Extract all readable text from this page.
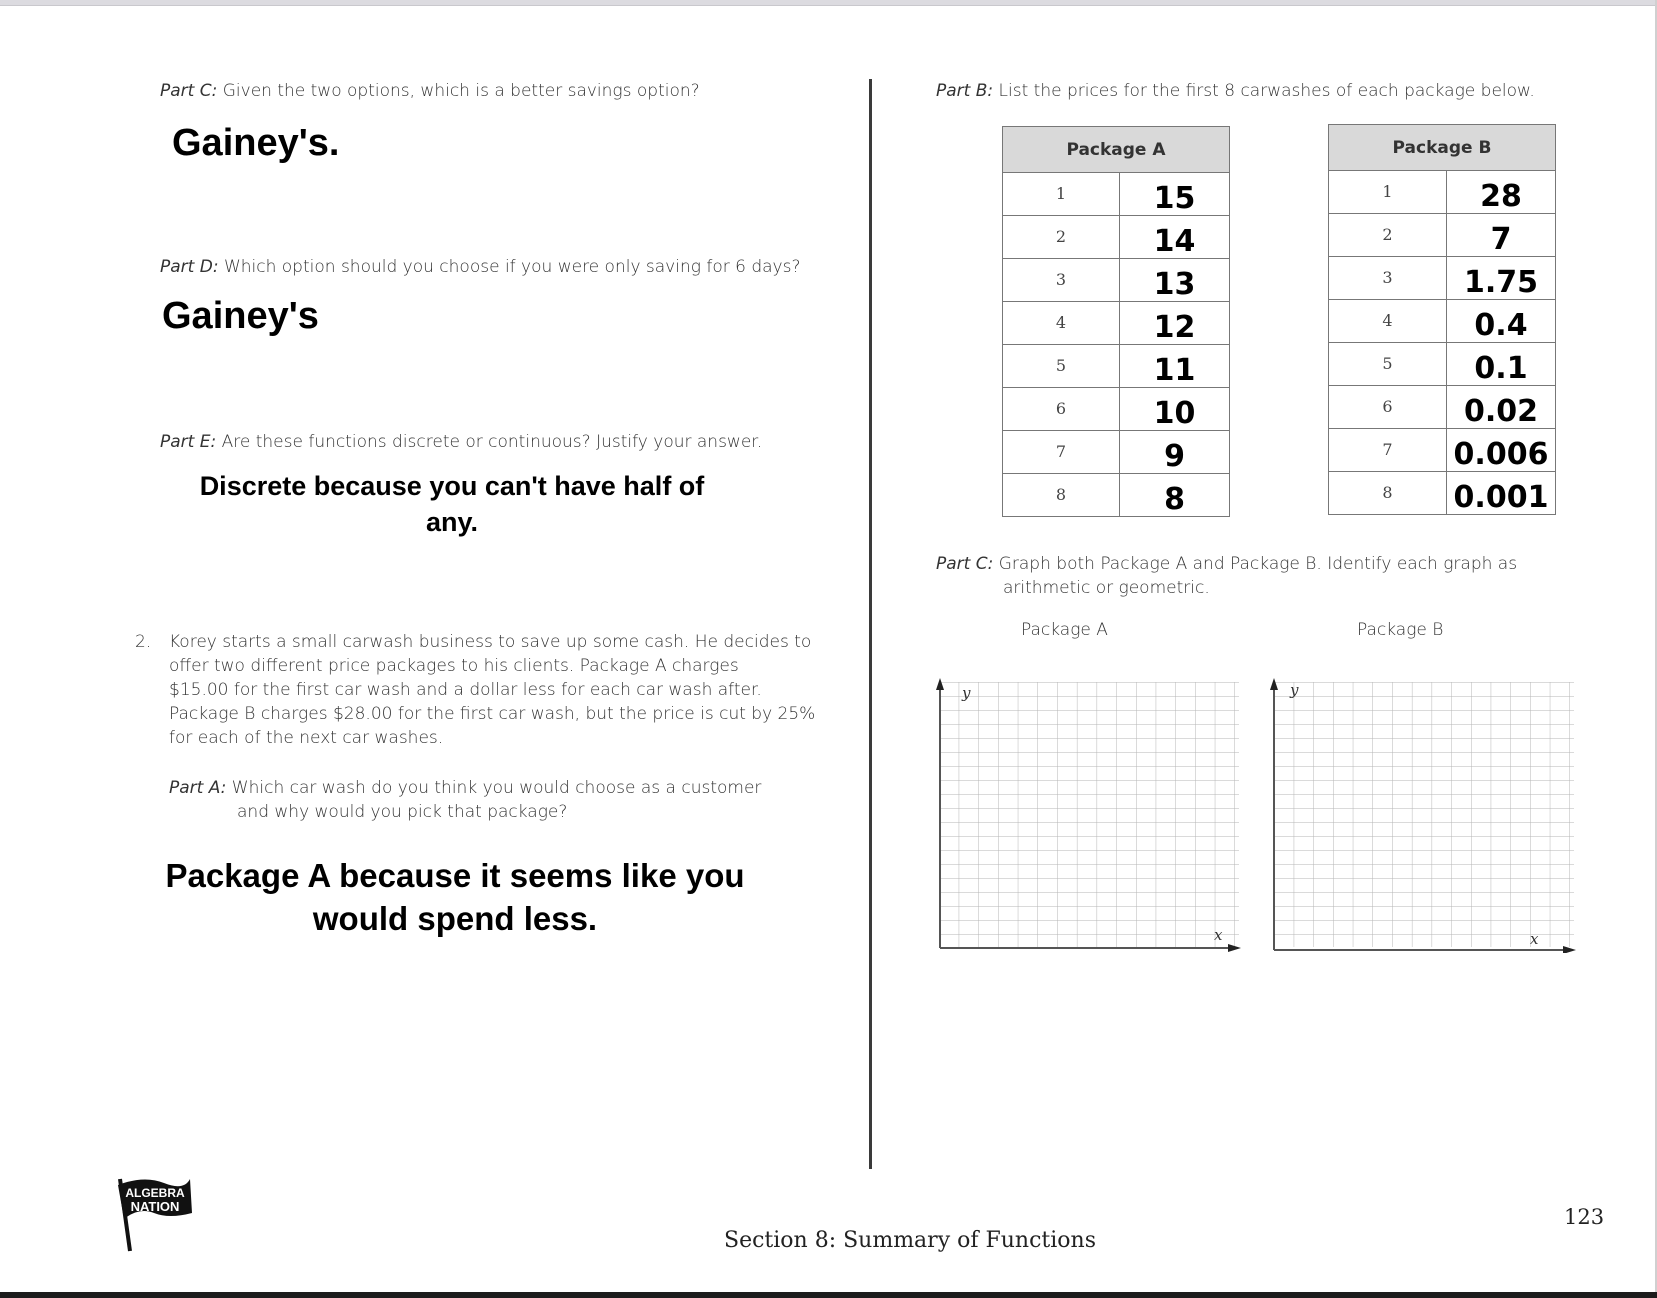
Part C: Given the two options, which is a better savings option?
Gainey's.
Part D: Which option should you choose if you were only saving for 6 days?
Gainey's
Part E: Are these functions discrete or continuous? Justify your answer.
Discrete because you can't have half of
any.
2. Korey starts a small carwash business to save up some cash. He decides to
offer two different price packages to his clients. Package A charges
$15.00 for the first car wash and a dollar less for each car wash after.
Package B charges $28.00 for the first car wash, but the price is cut by 25%
for each of the next car washes.
Part A: Which car wash do you think you would choose as a customer
and why would you pick that package?
Package A because it seems like you
would spend less.
Part B: List the prices for the first 8 carwashes of each package below.
Package A	
1	15
2	14
3	13
4	12
5	11
6	10
7	9
8	8
Package B	
1	28
2	7
3	1.75
4	0.4
5	0.1
6	0.02
7	0.006
8	0.001
Part C: Graph both Package A and Package B. Identify each graph as
arithmetic or geometric.
Package A	Package B
y
x
y
x
ALGEBRA
NATION
Section 8: Summary of Functions
123
